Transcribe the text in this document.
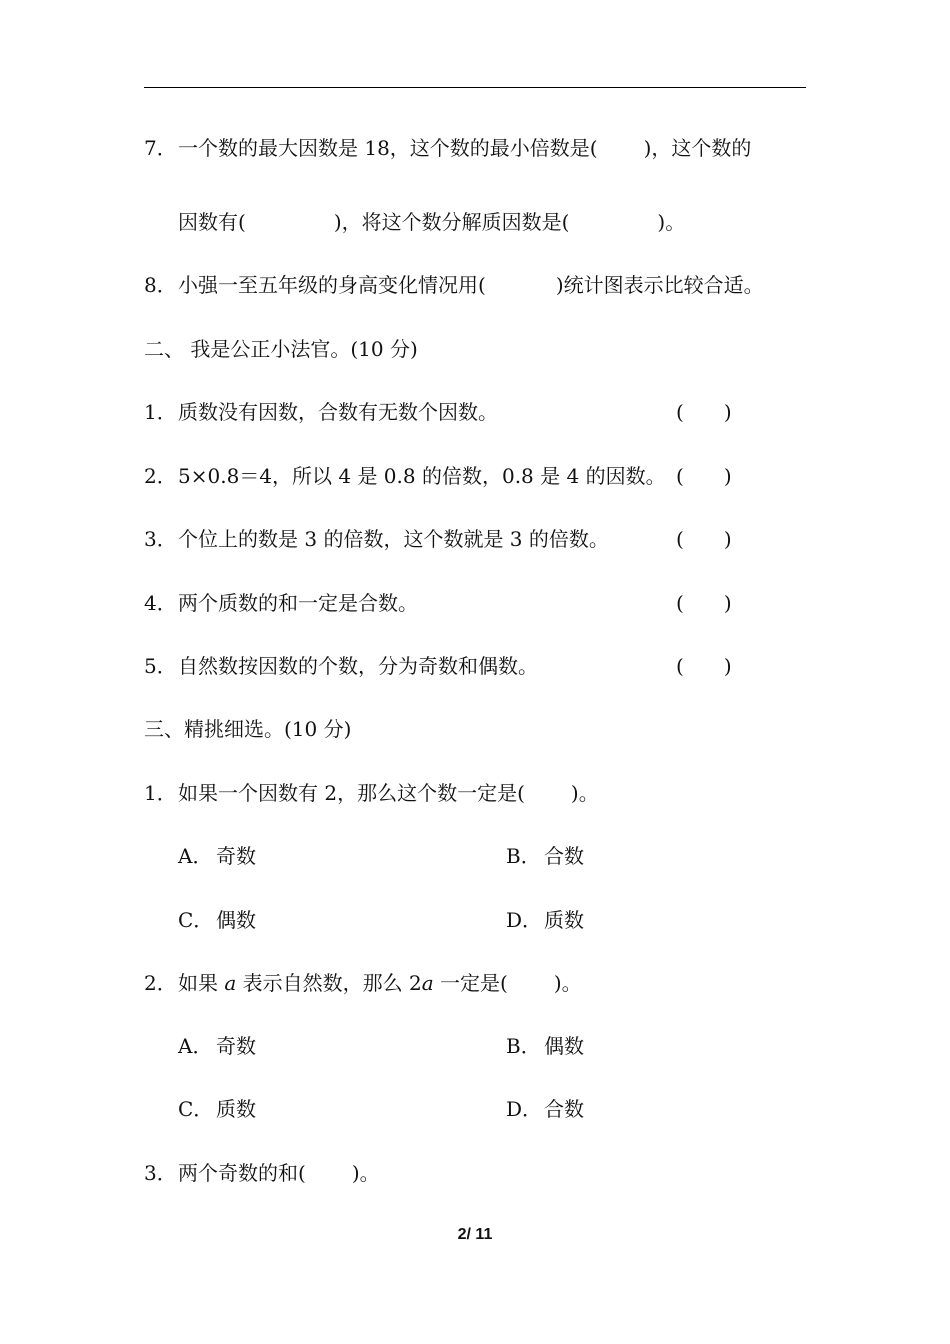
7．一个数的最大因数是 18，这个数的最小倍数是( )，这个数的
因数有(	)，将这个数分解质因数是(	)。
8．小强一至五年级的身高变化情况用(	)统计图表示比较合适。
二、 我是公正小法官。(10 分)
1．质数没有因数，合数有无数个因数。	( )
2．5×0.8＝4，所以 4 是 0.8 的倍数，0.8 是 4 的因数。 ( )
3．个位上的数是 3 的倍数，这个数就是 3 的倍数。	( )
4．两个质数的和一定是合数。	( )
5．自然数按因数的个数，分为奇数和偶数。	( )
三、精挑细选。(10 分)
1．如果一个因数有 2，那么这个数一定是( )。
A． 奇数	B． 合数
C． 偶数	D．质数
2．如果 a 表示自然数，那么 2a 一定是( )。
A． 奇数	B． 偶数
C． 质数	D．合数
3．两个奇数的和( )。
2/ 11
